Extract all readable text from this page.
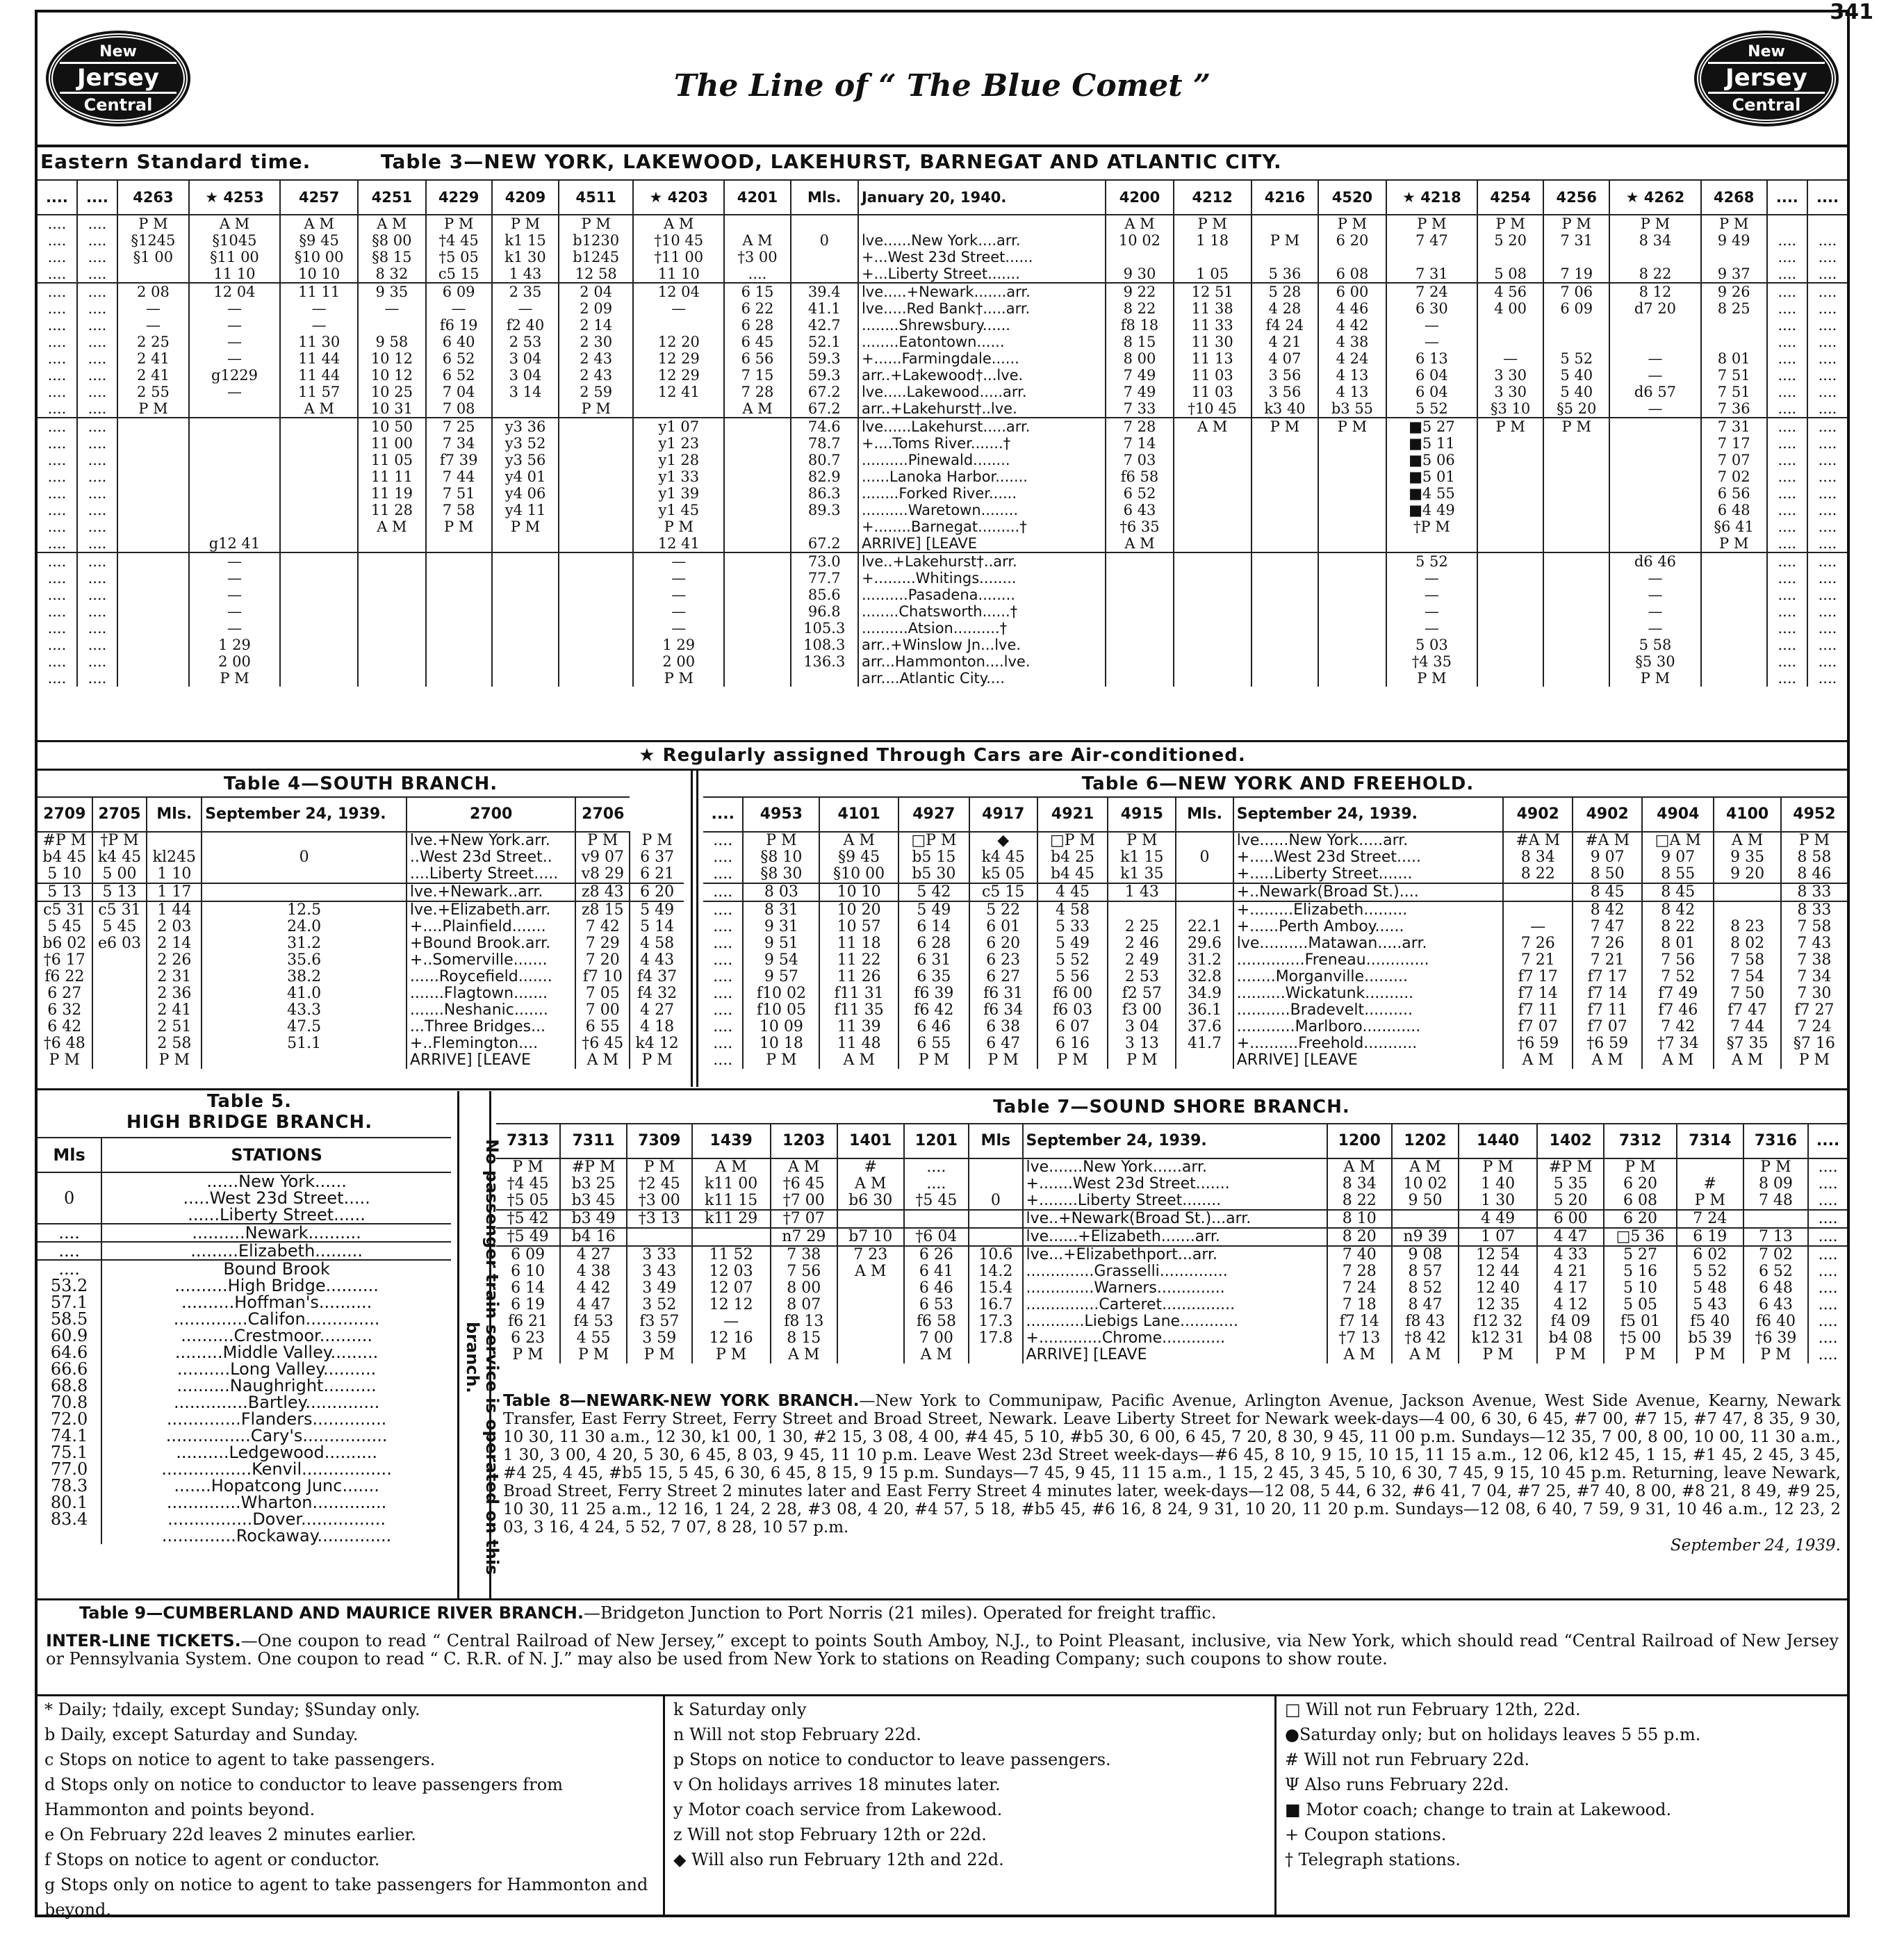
341
New
Jersey
Central
The Line of “ The Blue Comet ”
New
Jersey
Central
Eastern Standard time.	Table 3—NEW YORK, LAKEWOOD, LAKEHURST, BARNEGAT AND ATLANTIC CITY.
....	....	4263	★ 4253	4257	4251	4229	4209	4511	★ 4203	4201	Mls.	January 20, 1940.	4200	4212	4216	4520	★ 4218	4254	4256	★ 4262	4268	....	....
....	....	P M	A M	A M	A M	P M	P M	P M	A M				A M	P M		P M	P M	P M	P M	P M	P M		
....	....	§1245	§1045	§9 45	§8 00	†4 45	k1 15	b1230	†10 45	A M	0	lve......New York....arr.	10 02	1 18	P M	6 20	7 47	5 20	7 31	8 34	9 49	....	....
....	....	§1 00	§11 00	§10 00	§8 15	†5 05	k1 30	b1245	†11 00	†3 00		+...West 23d Street......										....	....
....	....		11 10	10 10	8 32	c5 15	1 43	12 58	11 10	....		+...Liberty Street.......	9 30	1 05	5 36	6 08	7 31	5 08	7 19	8 22	9 37	....	....
....	....	2 08	12 04	11 11	9 35	6 09	2 35	2 04	12 04	6 15	39.4	lve.....+Newark.......arr.	9 22	12 51	5 28	6 00	7 24	4 56	7 06	8 12	9 26	....	....
....	....	—	—	—	—	—	—	2 09	—	6 22	41.1	lve.....Red Bank†.....arr.	8 22	11 38	4 28	4 46	6 30	4 00	6 09	d7 20	8 25	....	....
....	....	—	—	—		f6 19	f2 40	2 14		6 28	42.7	........Shrewsbury......	f8 18	11 33	f4 24	4 42	—					....	....
....	....	2 25	—	11 30	9 58	6 40	2 53	2 30	12 20	6 45	52.1	........Eatontown......	8 15	11 30	4 21	4 38	—					....	....
....	....	2 41	—	11 44	10 12	6 52	3 04	2 43	12 29	6 56	59.3	+......Farmingdale......	8 00	11 13	4 07	4 24	6 13	—	5 52	—	8 01	....	....
....	....	2 41	g1229	11 44	10 12	6 52	3 04	2 43	12 29	7 15	59.3	arr..+Lakewood†...lve.	7 49	11 03	3 56	4 13	6 04	3 30	5 40	—	7 51	....	....
....	....	2 55	—	11 57	10 25	7 04	3 14	2 59	12 41	7 28	67.2	lve.....Lakewood.....arr.	7 49	11 03	3 56	4 13	6 04	3 30	5 40	d6 57	7 51	....	....
....	....	P M		A M	10 31	7 08		P M		A M	67.2	arr..+Lakehurst†..lve.	7 33	†10 45	k3 40	b3 55	5 52	§3 10	§5 20	—	7 36	....	....
....	....				10 50	7 25	y3 36		y1 07		74.6	lve......Lakehurst.....arr.	7 28	A M	P M	P M	■5 27	P M	P M		7 31	....	....
....	....				11 00	7 34	y3 52		y1 23		78.7	+....Toms River.......†	7 14				■5 11				7 17	....	....
....	....				11 05	f7 39	y3 56		y1 28		80.7	..........Pinewald........	7 03				■5 06				7 07	....	....
....	....				11 11	7 44	y4 01		y1 33		82.9	......Lanoka Harbor.......	f6 58				■5 01				7 02	....	....
....	....				11 19	7 51	y4 06		y1 39		86.3	........Forked River......	6 52				■4 55				6 56	....	....
....	....				11 28	7 58	y4 11		y1 45		89.3	..........Waretown........	6 43				■4 49				6 48	....	....
....	....				A M	P M	P M		P M			+........Barnegat.........†	†6 35				†P M				§6 41	....	....
....	....		g12 41						12 41		67.2	ARRIVE] [LEAVE	A M								P M	....	....
....	....		—						—		73.0	lve..+Lakehurst†..arr.					5 52			d6 46		....	....
....	....		—						—		77.7	+.........Whitings........					—			—		....	....
....	....		—						—		85.6	..........Pasadena........					—			—		....	....
....	....		—						—		96.8	........Chatsworth......†					—			—		....	....
....	....		—						—		105.3	..........Atsion..........†					—			—		....	....
....	....		1 29						1 29		108.3	arr..+Winslow Jn...lve.					5 03			5 58		....	....
....	....		2 00						2 00		136.3	arr...Hammonton....lve.					†4 35			§5 30		....	....
....	....		P M						P M			arr....Atlantic City....					P M			P M		....	....
★ Regularly assigned Through Cars are Air-conditioned.
Table 4—SOUTH BRANCH.
2709	2705	Mls.	September 24, 1939.	2700	2706	
#P M	†P M			lve.+New York.arr.	P M	P M
b4 45	k4 45	kl245	0	..West 23d Street..	v9 07	6 37
5 10	5 00	1 10		....Liberty Street.....	v8 29	6 21
5 13	5 13	1 17		lve.+Newark..arr.	z8 43	6 20
c5 31	c5 31	1 44	12.5	lve.+Elizabeth.arr.	z8 15	5 49
5 45	5 45	2 03	24.0	+....Plainfield.......	7 42	5 14
b6 02	e6 03	2 14	31.2	+Bound Brook.arr.	7 29	4 58
†6 17		2 26	35.6	+..Somerville.......	7 20	4 43
f6 22		2 31	38.2	......Roycefield.......	f7 10	f4 37
6 27		2 36	41.0	.......Flagtown.......	7 05	f4 32
6 32		2 41	43.3	.......Neshanic.......	7 00	4 27
6 42		2 51	47.5	...Three Bridges...	6 55	4 18
†6 48		2 58	51.1	+..Flemington....	†6 45	k4 12
P M		P M		ARRIVE] [LEAVE	A M	P M
Table 6—NEW YORK AND FREEHOLD.
....	4953	4101	4927	4917	4921	4915	Mls.	September 24, 1939.	4902	4902	4904	4100	4952
....	P M	A M	□P M	◆	□P M	P M		lve......New York.....arr.	#A M	#A M	□A M	A M	P M
....	§8 10	§9 45	b5 15	k4 45	b4 25	k1 15	0	+.....West 23d Street.....	8 34	9 07	9 07	9 35	8 58
....	§8 30	§10 00	b5 30	k5 05	b4 45	k1 35		+.....Liberty Street.......	8 22	8 50	8 55	9 20	8 46
....	8 03	10 10	5 42	c5 15	4 45	1 43		+..Newark(Broad St.)....		8 45	8 45		8 33
....	8 31	10 20	5 49	5 22	4 58			+.........Elizabeth.........		8 42	8 42		8 33
....	9 31	10 57	6 14	6 01	5 33	2 25	22.1	+......Perth Amboy......	—	7 47	8 22	8 23	7 58
....	9 51	11 18	6 28	6 20	5 49	2 46	29.6	lve..........Matawan.....arr.	7 26	7 26	8 01	8 02	7 43
....	9 54	11 22	6 31	6 23	5 52	2 49	31.2	..............Freneau.............	7 21	7 21	7 56	7 58	7 38
....	9 57	11 26	6 35	6 27	5 56	2 53	32.8	........Morganville.........	f7 17	f7 17	7 52	7 54	7 34
....	f10 02	f11 31	f6 39	f6 31	f6 00	f2 57	34.9	..........Wickatunk..........	f7 14	f7 14	f7 49	7 50	7 30
....	f10 05	f11 35	f6 42	f6 34	f6 03	f3 00	36.1	...........Bradevelt..........	f7 11	f7 11	f7 46	f7 47	f7 27
....	10 09	11 39	6 46	6 38	6 07	3 04	37.6	............Marlboro............	f7 07	f7 07	7 42	7 44	7 24
....	10 18	11 48	6 55	6 47	6 16	3 13	41.7	+..........Freehold...........	†6 59	†6 59	†7 34	§7 35	§7 16
....	P M	A M	P M	P M	P M	P M		ARRIVE] [LEAVE	A M	A M	A M	A M	P M
Table 5.
HIGH BRIDGE BRANCH.
Mls	STATIONS
	......New York......
0	.....West 23d Street.....
	......Liberty Street......
....	..........Newark..........
....	.........Elizabeth.........
....	Bound Brook
53.2	..........High Bridge..........
57.1	..........Hoffman's..........
58.5	..............Califon..............
60.9	..........Crestmoor..........
64.6	.........Middle Valley.........
66.6	..........Long Valley..........
68.8	..........Naughright..........
70.8	..............Bartley..............
72.0	..............Flanders..............
74.1	................Cary's................
75.1	..........Ledgewood..........
77.0	.................Kenvil.................
78.3	.......Hopatcong Junc.......
80.1	..............Wharton..............
83.4	................Dover................
	..............Rockaway..............	No passenger train service is operated on this branch.
Table 7—SOUND SHORE BRANCH.
7313	7311	7309	1439	1203	1401	1201	Mls	September 24, 1939.	1200	1202	1440	1402	7312	7314	7316	....
P M	#P M	P M	A M	A M	#	....		lve.......New York......arr.	A M	A M	P M	#P M	P M		P M	....
†4 45	b3 25	†2 45	k11 00	†6 45	A M	....		+.......West 23d Street.......	8 34	10 02	1 40	5 35	6 20	#	8 09	....
†5 05	b3 45	†3 00	k11 15	†7 00	b6 30	†5 45	0	+........Liberty Street........	8 22	9 50	1 30	5 20	6 08	P M	7 48	....
†5 42	b3 49	†3 13	k11 29	†7 07				lve..+Newark(Broad St.)...arr.	8 10		4 49	6 00	6 20	7 24		....
†5 49	b4 16			n7 29	b7 10	†6 04		lve......+Elizabeth.......arr.	8 20	n9 39	1 07	4 47	□5 36	6 19	7 13	....
6 09	4 27	3 33	11 52	7 38	7 23	6 26	10.6	lve...+Elizabethport...arr.	7 40	9 08	12 54	4 33	5 27	6 02	7 02	....
6 10	4 38	3 43	12 03	7 56	A M	6 41	14.2	..............Grasselli..............	7 28	8 57	12 44	4 21	5 16	5 52	6 52	....
6 14	4 42	3 49	12 07	8 00		6 46	15.4	..............Warners..............	7 24	8 52	12 40	4 17	5 10	5 48	6 48	....
6 19	4 47	3 52	12 12	8 07		6 53	16.7	...............Carteret...............	7 18	8 47	12 35	4 12	5 05	5 43	6 43	....
f6 21	f4 53	f3 57	—	f8 13		f6 58	17.3	............Liebigs Lane............	f7 14	f8 43	f12 32	f4 09	f5 01	f5 40	f6 40	....
6 23	4 55	3 59	12 16	8 15		7 00	17.8	+.............Chrome.............	†7 13	†8 42	k12 31	b4 08	†5 00	b5 39	†6 39	....
P M	P M	P M	P M	A M		A M		ARRIVE] [LEAVE	A M	A M	P M	P M	P M	P M	P M	....
Table 8—NEWARK-NEW YORK BRANCH.—New York to Communipaw, Pacific Avenue, Arlington Avenue, Jackson Avenue, West Side Avenue, Kearny, Newark Transfer, East Ferry Street, Ferry Street and Broad Street, Newark. Leave Liberty Street for Newark week-days—4 00, 6 30, 6 45, #7 00, #7 15, #7 47, 8 35, 9 30, 10 30, 11 30 a.m., 12 30, k1 00, 1 30, #2 15, 3 08, 4 00, #4 45, 5 10, #b5 30, 6 00, 6 45, 7 20, 8 30, 9 45, 11 00 p.m. Sundays—12 35, 7 00, 8 00, 10 00, 11 30 a.m., 1 30, 3 00, 4 20, 5 30, 6 45, 8 03, 9 45, 11 10 p.m. Leave West 23d Street week-days—#6 45, 8 10, 9 15, 10 15, 11 15 a.m., 12 06, k12 45, 1 15, #1 45, 2 45, 3 45, #4 25, 4 45, #b5 15, 5 45, 6 30, 6 45, 8 15, 9 15 p.m. Sundays—7 45, 9 45, 11 15 a.m., 1 15, 2 45, 3 45, 5 10, 6 30, 7 45, 9 15, 10 45 p.m. Returning, leave Newark, Broad Street, Ferry Street 2 minutes later and East Ferry Street 4 minutes later, week-days—12 08, 5 44, 6 32, #6 41, 7 04, #7 25, #7 40, 8 00, #8 21, 8 49, #9 25, 10 30, 11 25 a.m., 12 16, 1 24, 2 28, #3 08, 4 20, #4 57, 5 18, #b5 45, #6 16, 8 24, 9 31, 10 20, 11 20 p.m. Sundays—12 08, 6 40, 7 59, 9 31, 10 46 a.m., 12 23, 2 03, 3 16, 4 24, 5 52, 7 07, 8 28, 10 57 p.m.
September 24, 1939.
Table 9—CUMBERLAND AND MAURICE RIVER BRANCH.—Bridgeton Junction to Port Norris (21 miles). Operated for freight traffic.
INTER-LINE TICKETS.—One coupon to read “ Central Railroad of New Jersey,” except to points South Amboy, N.J., to Point Pleasant, inclusive, via New York, which should read “Central Railroad of New Jersey or Pennsylvania System. One coupon to read “ C. R.R. of N. J.” may also be used from New York to stations on Reading Company; such coupons to show route.
* Daily; †daily, except Sunday; §Sunday only.
b Daily, except Saturday and Sunday.
c Stops on notice to agent to take passengers.
d Stops only on notice to conductor to leave passengers from Hammonton and points beyond.
e On February 22d leaves 2 minutes earlier.
f Stops on notice to agent or conductor.
g Stops only on notice to agent to take passengers for Hammonton and beyond.
k Saturday only
n Will not stop February 22d.
p Stops on notice to conductor to leave passengers.
v On holidays arrives 18 minutes later.
y Motor coach service from Lakewood.
z Will not stop February 12th or 22d.
◆ Will also run February 12th and 22d.
□ Will not run February 12th, 22d.
●Saturday only; but on holidays leaves 5 55 p.m.
# Will not run February 22d.
Ψ Also runs February 22d.
■ Motor coach; change to train at Lakewood.
+ Coupon stations.
† Telegraph stations.
